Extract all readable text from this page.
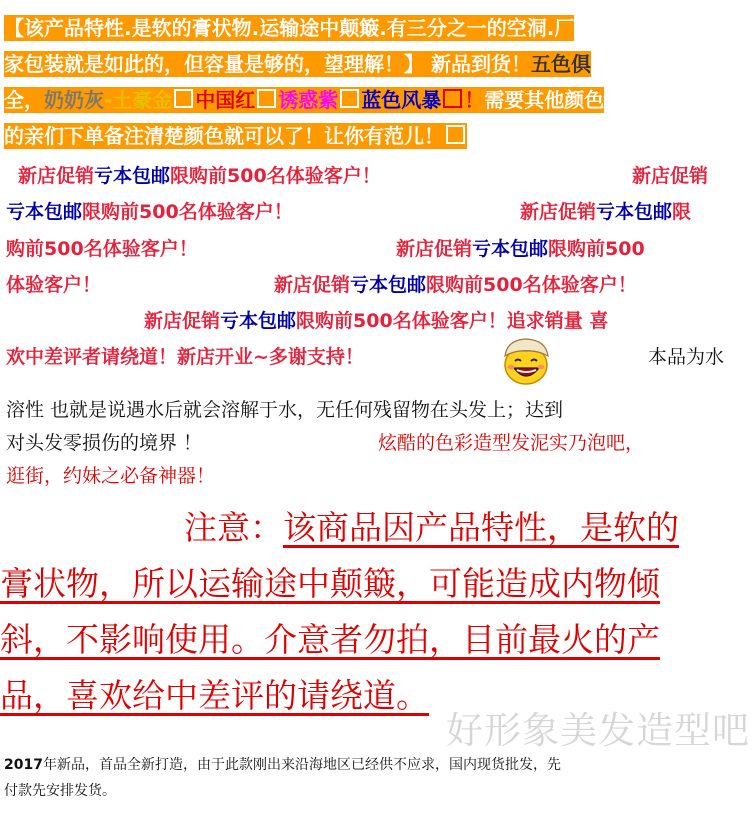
【该产品特性.是软的膏状物.运输途中颠簸.有三分之一的空洞.厂
家包装就是如此的，但容量是够的，望理解！】 新品到货！五色俱
全，奶奶灰-土豪金 中国红 诱惑紫 蓝色风暴 ！需要其他颜色
的亲们下单备注清楚颜色就可以了！让你有范儿！
新店促销亏本包邮限购前500名体验客户！	新店促销
亏本包邮限购前500名体验客户！	新店促销亏本包邮限
购前500名体验客户！	新店促销亏本包邮限购前500
体验客户！	新店促销亏本包邮限购前500名体验客户！
新店促销亏本包邮限购前500名体验客户！追求销量 喜
欢中差评者请绕道！新店开业~多谢支持！	本品为水
溶性 也就是说遇水后就会溶解于水，无任何残留物在头发上；达到
对头发零损伤的境界 ！	炫酷的色彩造型发泥实乃泡吧，
逛街，约妹之必备神器！
注意：该商品因产品特性，是软的
膏状物，所以运输途中颠簸，可能造成内物倾
斜，不影响使用。介意者勿拍，目前最火的产
品，喜欢给中差评的请绕道。
好形象美发造型吧
2017年新品，首品全新打造，由于此款刚出来沿海地区已经供不应求，国内现货批发，先
付款先安排发货。
